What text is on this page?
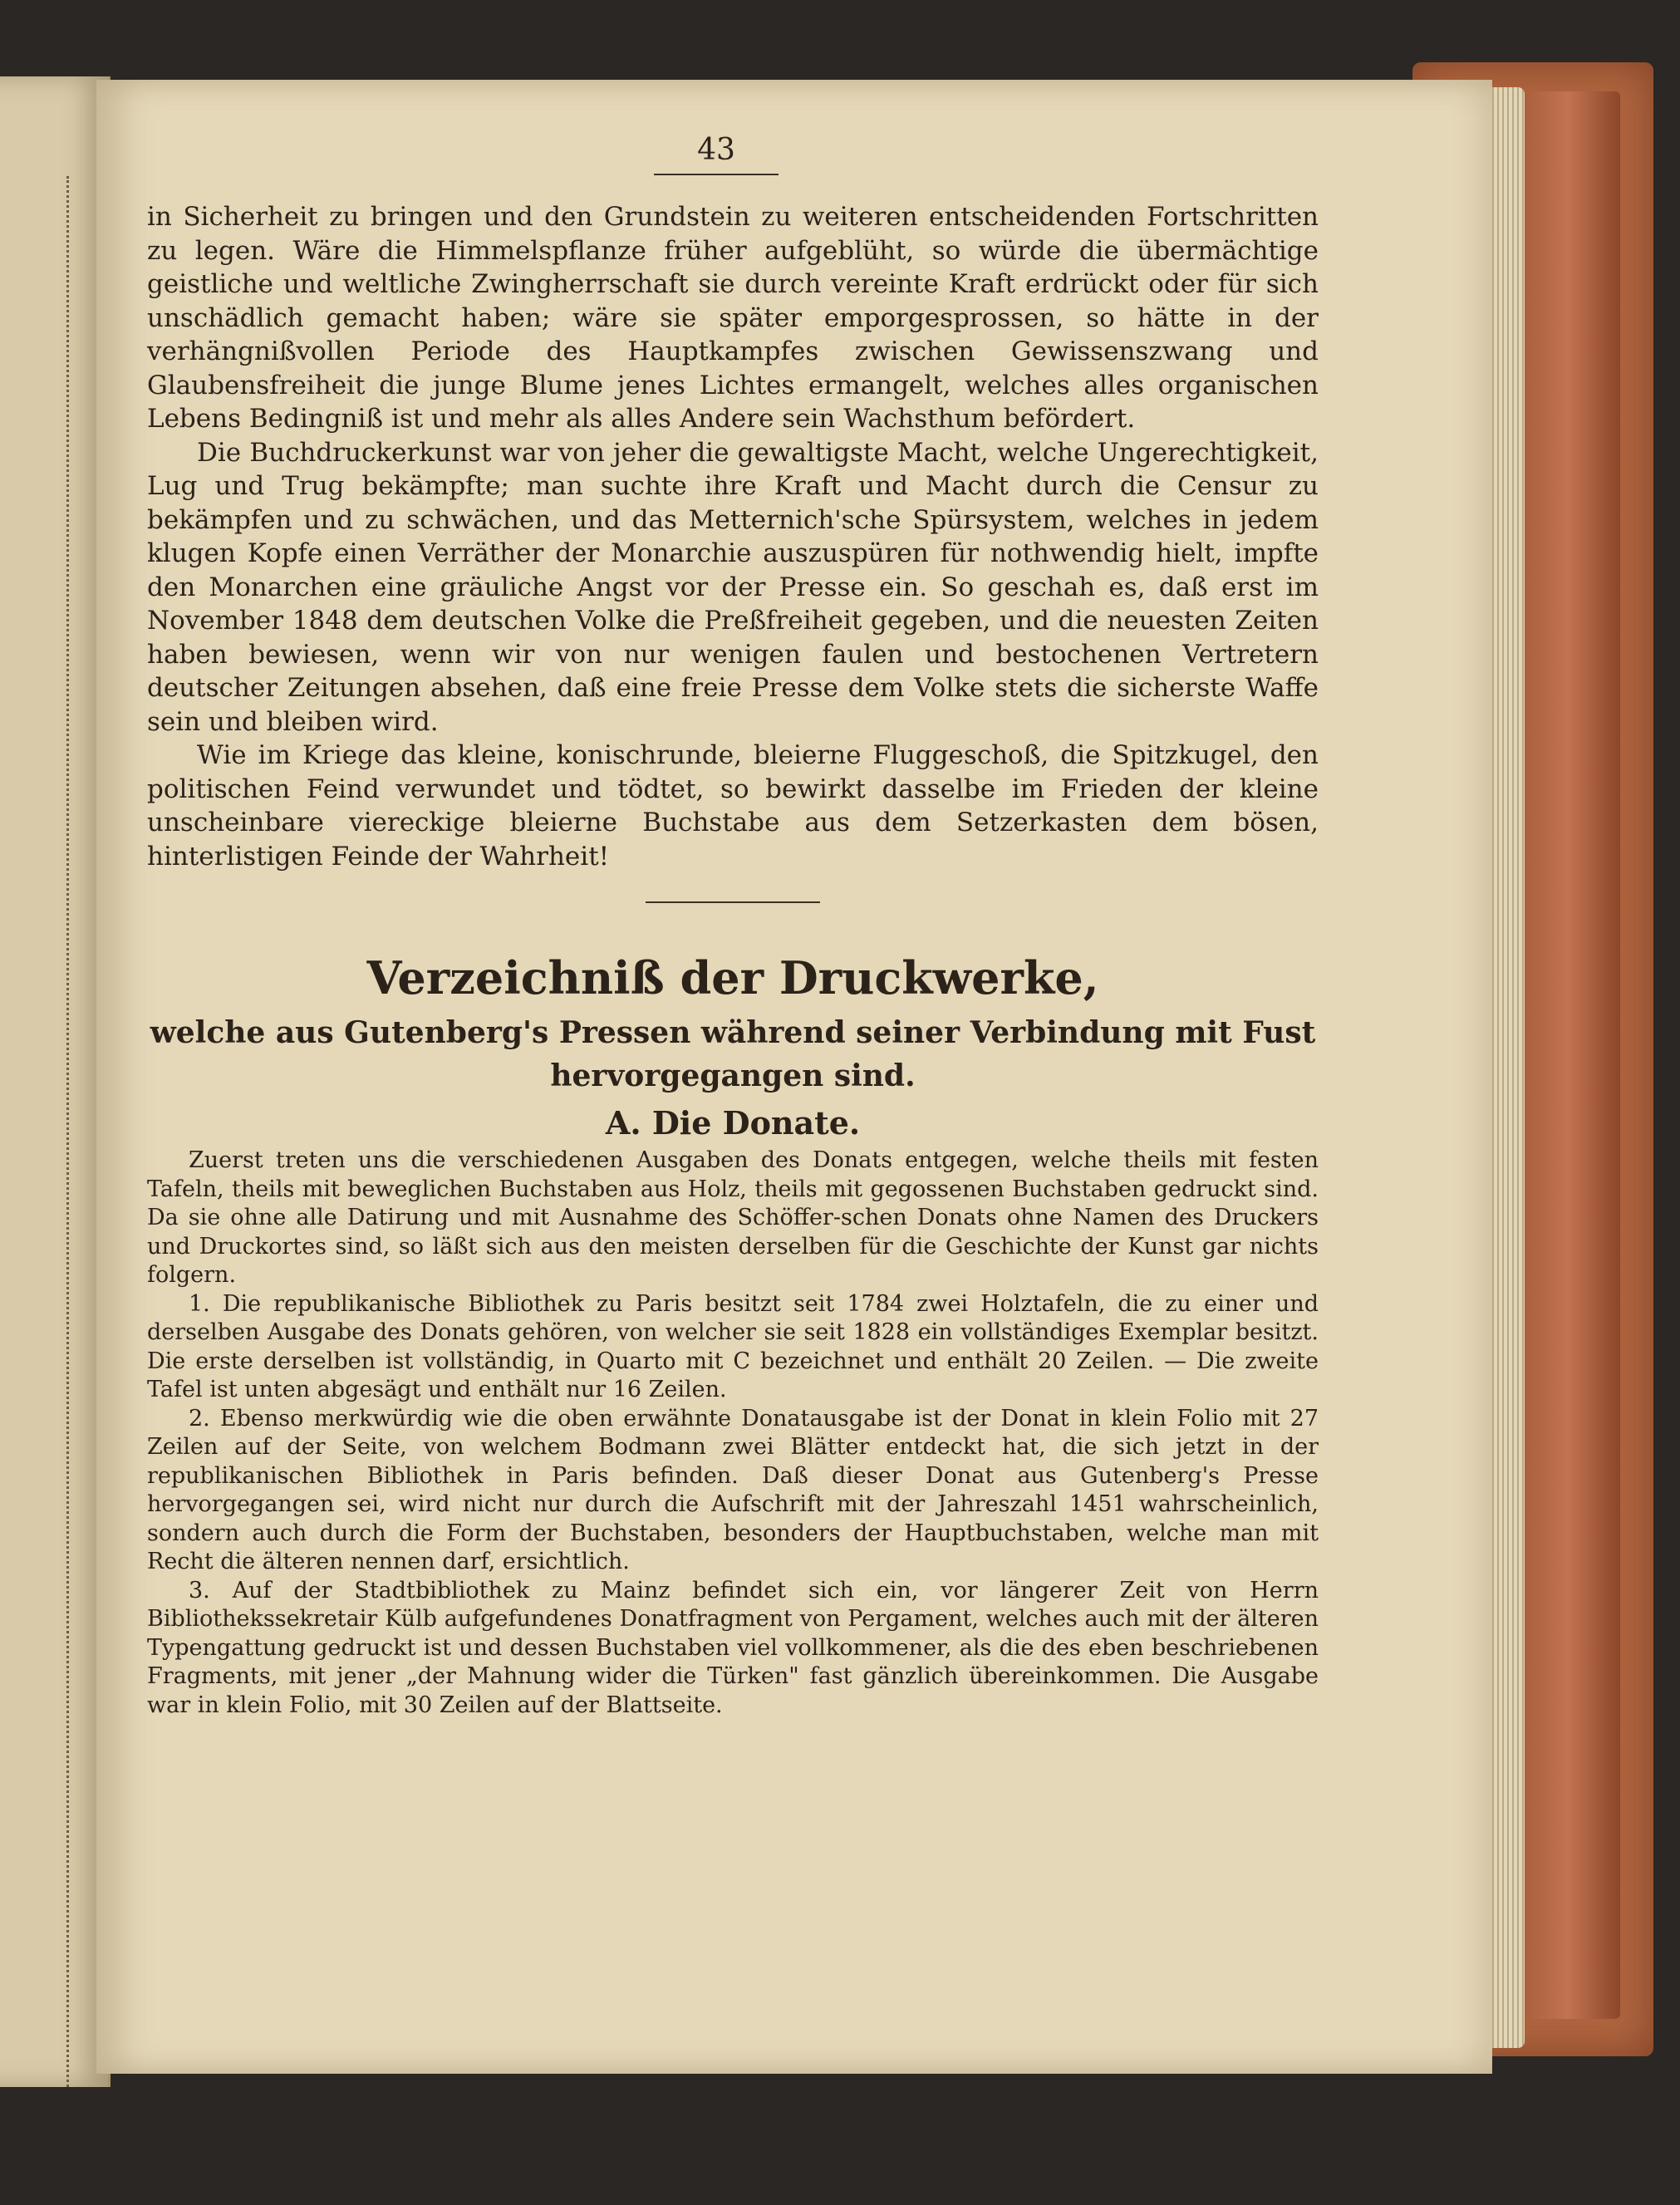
43

in Sicherheit zu bringen und den Grundstein zu weiteren entscheidenden Fortschritten zu legen. Wäre die Himmelspflanze früher aufgeblüht, so würde die übermächtige geistliche und weltliche Zwingherrschaft sie durch vereinte Kraft erdrückt oder für sich unschädlich gemacht haben; wäre sie später emporgesprossen, so hätte in der verhängnißvollen Periode des Hauptkampfes zwischen Gewissenszwang und Glaubensfreiheit die junge Blume jenes Lichtes ermangelt, welches alles organischen Lebens Bedingniß ist und mehr als alles Andere sein Wachsthum befördert.

Die Buchdruckerkunst war von jeher die gewaltigste Macht, welche Ungerechtigkeit, Lug und Trug bekämpfte; man suchte ihre Kraft und Macht durch die Censur zu bekämpfen und zu schwächen, und das Metternich'sche Spürsystem, welches in jedem klugen Kopfe einen Verräther der Monarchie auszuspüren für nothwendig hielt, impfte den Monarchen eine gräuliche Angst vor der Presse ein. So geschah es, daß erst im November 1848 dem deutschen Volke die Preßfreiheit gegeben, und die neuesten Zeiten haben bewiesen, wenn wir von nur wenigen faulen und bestochenen Vertretern deutscher Zeitungen absehen, daß eine freie Presse dem Volke stets die sicherste Waffe sein und bleiben wird.

Wie im Kriege das kleine, konischrunde, bleierne Fluggeschoß, die Spitzkugel, den politischen Feind verwundet und tödtet, so bewirkt dasselbe im Frieden der kleine unscheinbare viereckige bleierne Buchstabe aus dem Setzerkasten dem bösen, hinterlistigen Feinde der Wahrheit!

Verzeichniß der Druckwerke,
welche aus Gutenberg's Pressen während seiner Verbindung mit Fust
hervorgegangen sind.
A. Die Donate.

Zuerst treten uns die verschiedenen Ausgaben des Donats entgegen, welche theils mit festen Tafeln, theils mit beweglichen Buchstaben aus Holz, theils mit gegossenen Buchstaben gedruckt sind. Da sie ohne alle Datirung und mit Ausnahme des Schöffer-schen Donats ohne Namen des Druckers und Druckortes sind, so läßt sich aus den meisten derselben für die Geschichte der Kunst gar nichts folgern.

1. Die republikanische Bibliothek zu Paris besitzt seit 1784 zwei Holztafeln, die zu einer und derselben Ausgabe des Donats gehören, von welcher sie seit 1828 ein vollständiges Exemplar besitzt. Die erste derselben ist vollständig, in Quarto mit C bezeichnet und enthält 20 Zeilen. — Die zweite Tafel ist unten abgesägt und enthält nur 16 Zeilen.

2. Ebenso merkwürdig wie die oben erwähnte Donatausgabe ist der Donat in klein Folio mit 27 Zeilen auf der Seite, von welchem Bodmann zwei Blätter entdeckt hat, die sich jetzt in der republikanischen Bibliothek in Paris befinden. Daß dieser Donat aus Gutenberg's Presse hervorgegangen sei, wird nicht nur durch die Aufschrift mit der Jahreszahl 1451 wahrscheinlich, sondern auch durch die Form der Buchstaben, besonders der Hauptbuchstaben, welche man mit Recht die älteren nennen darf, ersichtlich.

3. Auf der Stadtbibliothek zu Mainz befindet sich ein, vor längerer Zeit von Herrn Bibliothekssekretair Külb aufgefundenes Donatfragment von Pergament, welches auch mit der älteren Typengattung gedruckt ist und dessen Buchstaben viel vollkommener, als die des eben beschriebenen Fragments, mit jener „der Mahnung wider die Türken" fast gänzlich übereinkommen. Die Ausgabe war in klein Folio, mit 30 Zeilen auf der Blattseite.
